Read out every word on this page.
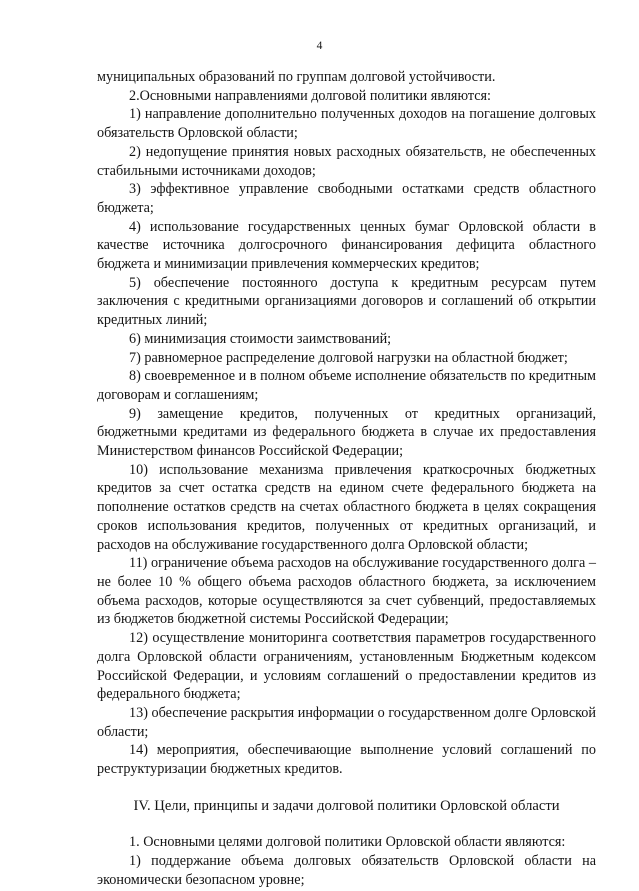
4

муниципальных образований по группам долговой устойчивости.

2.Основными направлениями долговой политики являются:

1) направление дополнительно полученных доходов на погашение долговых обязательств Орловской области;

2) недопущение принятия новых расходных обязательств, не обеспеченных стабильными источниками доходов;

3) эффективное управление свободными остатками средств областного бюджета;

4) использование государственных ценных бумаг Орловской области в качестве источника долгосрочного финансирования дефицита областного бюджета и минимизации привлечения коммерческих кредитов;

5) обеспечение постоянного доступа к кредитным ресурсам путем заключения с кредитными организациями договоров и соглашений об открытии кредитных линий;

6) минимизация стоимости заимствований;

7) равномерное распределение долговой нагрузки на областной бюджет;

8) своевременное и в полном объеме исполнение обязательств по кредитным договорам и соглашениям;

9) замещение кредитов, полученных от кредитных организаций, бюджетными кредитами из федерального бюджета в случае их предоставления Министерством финансов Российской Федерации;

10) использование механизма привлечения краткосрочных бюджетных кредитов за счет остатка средств на едином счете федерального бюджета на пополнение остатков средств на счетах областного бюджета в целях сокращения сроков использования кредитов, полученных от кредитных организаций, и расходов на обслуживание государственного долга Орловской области;

11) ограничение объема расходов на обслуживание государственного долга – не более 10 % общего объема расходов областного бюджета, за исключением объема расходов, которые осуществляются за счет субвенций, предоставляемых из бюджетов бюджетной системы Российской Федерации;

12) осуществление мониторинга соответствия параметров государственного долга Орловской области ограничениям, установленным Бюджетным кодексом Российской Федерации, и условиям соглашений о предоставлении кредитов из федерального бюджета;

13) обеспечение раскрытия информации о государственном долге Орловской области;

14) мероприятия, обеспечивающие выполнение условий соглашений по реструктуризации бюджетных кредитов.

IV. Цели, принципы и задачи долговой политики Орловской области

1. Основными целями долговой политики Орловской области являются:

1) поддержание объема долговых обязательств Орловской области на экономически безопасном уровне;
